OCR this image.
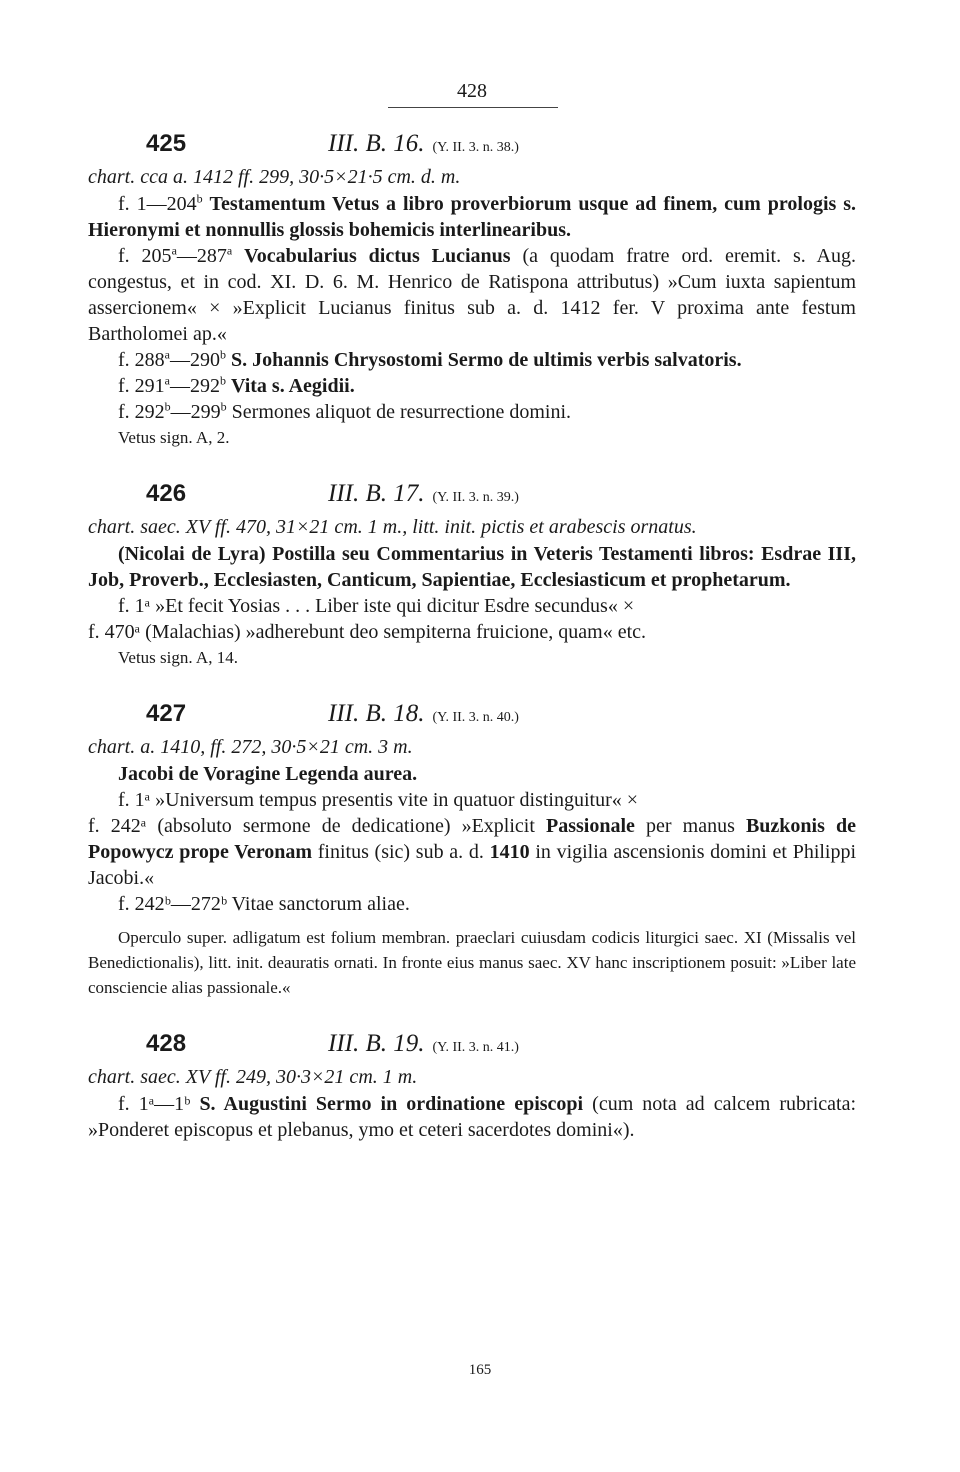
428
425	III. B. 16. (Y. II. 3. n. 38.)
chart. cca a. 1412 ff. 299, 30·5×21·5 cm. d. m.
f. 1—204$^b$ Testamentum Vetus a libro proverbiorum usque ad finem, cum prologis s. Hieronymi et nonnullis glossis bohemicis interlinearibus.
f. 205$^a$—287$^a$ Vocabularius dictus Lucianus (a quodam fratre ord. eremit. s. Aug. congestus, et in cod. XI. D. 6. M. Henrico de Ratispona attributus) »Cum iuxta sapientum assercionem« × »Explicit Lucianus finitus sub a. d. 1412 fer. V proxima ante festum Bartholomei ap.«
f. 288$^a$—290$^b$ S. Johannis Chrysostomi Sermo de ultimis verbis salvatoris.
f. 291$^a$—292$^b$ Vita s. Aegidii.
f. 292$^b$—299$^b$ Sermones aliquot de resurrectione domini.
Vetus sign. A, 2.
426	III. B. 17. (Y. II. 3. n. 39.)
chart. saec. XV ff. 470, 31×21 cm. 1 m., litt. init. pictis et arabescis ornatus.
(Nicolai de Lyra) Postilla seu Commentarius in Veteris Testamenti libros: Esdrae III, Job, Proverb., Ecclesiasten, Canticum, Sapientiae, Ecclesiasticum et prophetarum.
f. 1ᵃ »Et fecit Yosias . . . Liber iste qui dicitur Esdre secundus« ×
f. 470ᵃ (Malachias) »adherebunt deo sempiterna fruicione, quam« etc.
Vetus sign. A, 14.
427	III. B. 18. (Y. II. 3. n. 40.)
chart. a. 1410, ff. 272, 30·5×21 cm. 3 m.
Jacobi de Voragine Legenda aurea.
f. 1ᵃ »Universum tempus presentis vite in quatuor distinguitur« ×
f. 242ᵃ (absoluto sermone de dedicatione) »Explicit Passionale per manus Buzkonis de Popowycz prope Veronam finitus (sic) sub a. d. 1410 in vigilia ascensionis domini et Philippi Jacobi.«
f. 242ᵇ—272ᵇ Vitae sanctorum aliae.
Operculo super. adligatum est folium membran. praeclari cuiusdam codicis liturgici saec. XI (Missalis vel Benedictionalis), litt. init. deauratis ornati. In fronte eius manus saec. XV hanc inscriptionem posuit: »Liber late consciencie alias passionale.«
428	III. B. 19. (Y. II. 3. n. 41.)
chart. saec. XV ff. 249, 30·3×21 cm. 1 m.
f. 1ᵃ—1ᵇ S. Augustini Sermo in ordinatione episcopi (cum nota ad calcem rubricata: »Ponderet episcopus et plebanus, ymo et ceteri sacerdotes domini«).
165
